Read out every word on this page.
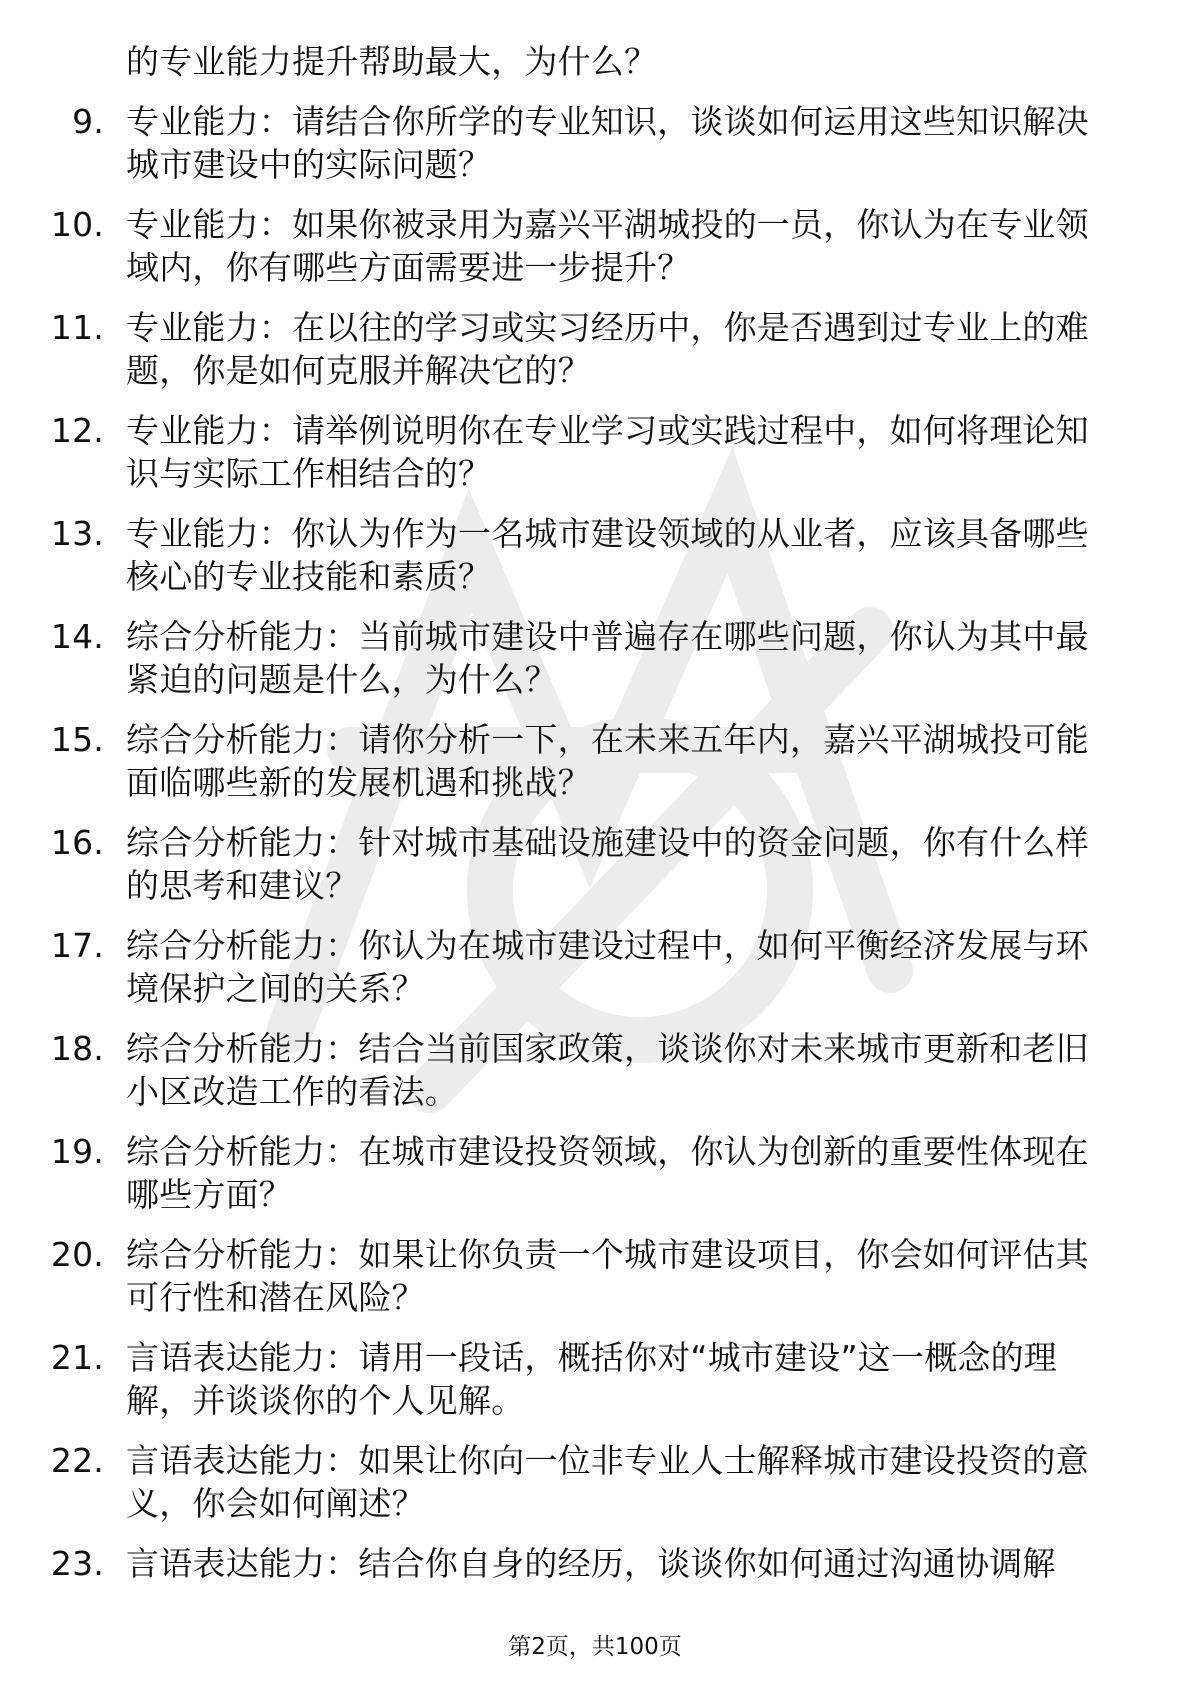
的专业能力提升帮助最大，为什么？
9. 专业能力：请结合你所学的专业知识，谈谈如何运用这些知识解决城市建设中的实际问题？
10. 专业能力：如果你被录用为嘉兴平湖城投的一员，你认为在专业领域内，你有哪些方面需要进一步提升？
11. 专业能力：在以往的学习或实习经历中，你是否遇到过专业上的难题，你是如何克服并解决它的？
12. 专业能力：请举例说明你在专业学习或实践过程中，如何将理论知识与实际工作相结合的？
13. 专业能力：你认为作为一名城市建设领域的从业者，应该具备哪些核心的专业技能和素质？
14. 综合分析能力：当前城市建设中普遍存在哪些问题，你认为其中最紧迫的问题是什么，为什么？
15. 综合分析能力：请你分析一下，在未来五年内，嘉兴平湖城投可能面临哪些新的发展机遇和挑战？
16. 综合分析能力：针对城市基础设施建设中的资金问题，你有什么样的思考和建议？
17. 综合分析能力：你认为在城市建设过程中，如何平衡经济发展与环境保护之间的关系？
18. 综合分析能力：结合当前国家政策，谈谈你对未来城市更新和老旧小区改造工作的看法。
19. 综合分析能力：在城市建设投资领域，你认为创新的重要性体现在哪些方面？
20. 综合分析能力：如果让你负责一个城市建设项目，你会如何评估其可行性和潜在风险？
21. 言语表达能力：请用一段话，概括你对“城市建设”这一概念的理解，并谈谈你的个人见解。
22. 言语表达能力：如果让你向一位非专业人士解释城市建设投资的意义，你会如何阐述？
23. 言语表达能力：结合你自身的经历，谈谈你如何通过沟通协调解
第2页，共100页
